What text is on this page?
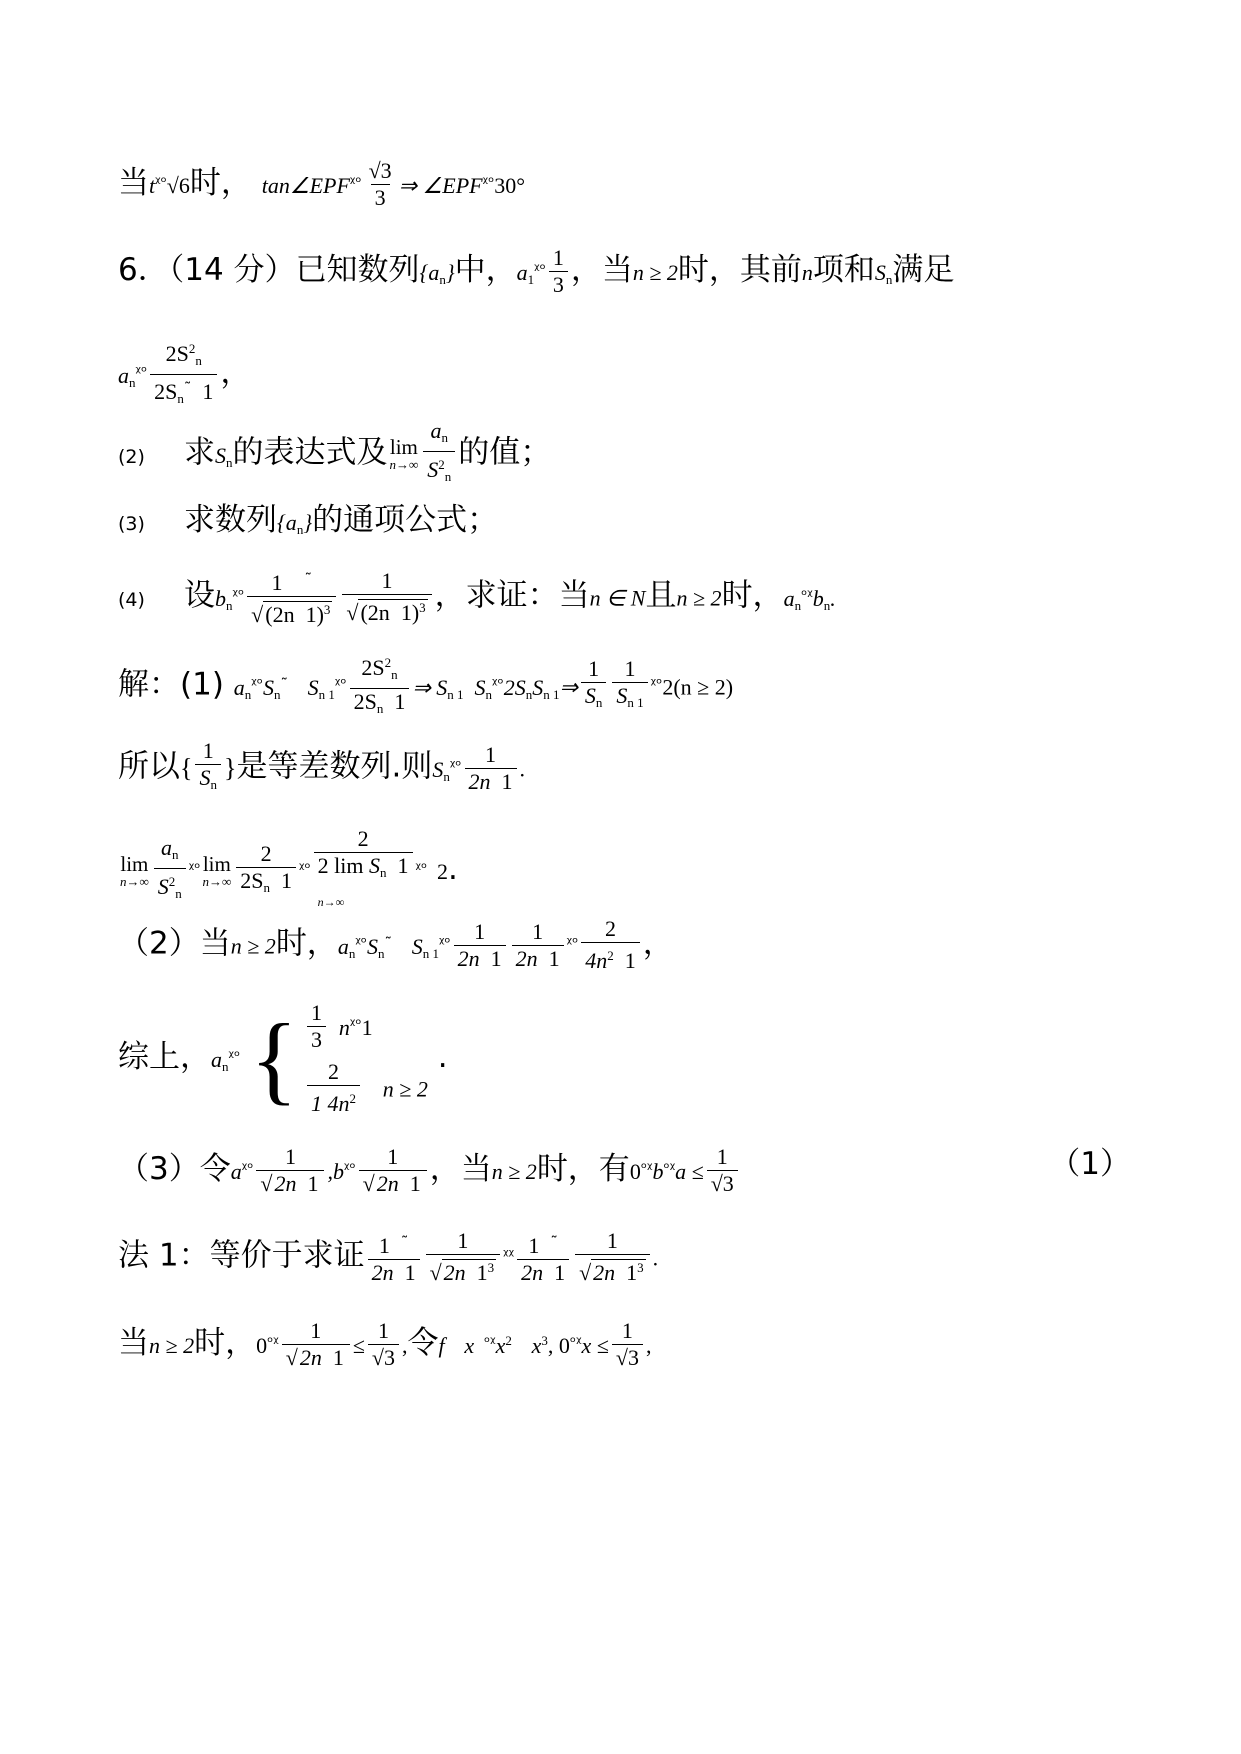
当tᵡᵒ√6时， tan∠EPFᵡᵒ $\frac{√3}{3}$ ⇒ ∠EPFᵡᵒ30°
6．（14 分）已知数列$\{a_n\}$中，$a_1ᵡᵒ \frac{1}{3}$ ，当n ≥ 2时，其前n项和$S_n$满足
$a_nᵡᵒ \frac{2S^2_n}{2S_n^˜ 1}$ ，
(2) 求$S_n$的表达式及 lim
$n\to\infty \frac{a_n}{S^2_n}$ 的值；
(3) 求数列$\{a_n\}$的通项公式；
(4) 设$b_nᵡᵒ \frac{1 ^˜}{√(2n 1)^3} \frac{1}{√(2n 1)^3}$ ，求证：当n ∈ N且n ≥ 2时，$a_n^{ᵒᵡ}b_n$.
解：(1) $a_nᵡᵒS_n^˜$ $S_{n 1}ᵡᵒ \frac{2S^2_n}{2S_n 1}$ ⇒ $S_{n 1}$ $S_nᵡᵒ2S_nS_{n 1}\Rightarrow \frac{1}{S_n} \frac{1}{S_{n 1}}$ ᵡᵒ2(n ≥ 2)
所以{ $\frac{1}{S_n}$ }是等差数列.则$S_nᵡᵒ \frac{1}{2n 1}$ .
lim
$n\to\infty \frac{a_n}{S^2_n}$ ᵡᵒ lim
$n\to\infty \frac{2}{2S_n 1}$ ᵡᵒ
2
2 $\lim S_n$ 1
n→∞
ᵡᵒ 2.
（2）当n ≥ 2时，$a_nᵡᵒS_n^˜$ $S_{n 1}ᵡᵒ \frac{1}{2n 1} \frac{1}{2n 1}$ ᵡᵒ $\frac{2}{4n^2 1}$ ，
综上，$a_nᵡᵒ$ { $\frac{1}{3}$ nᵡᵒ1
$\frac{2}{1 4n^2}$ n ≥ 2
.
（3）令aᵡᵒ $\frac{1}{√2n 1}$ ,bᵡᵒ $\frac{1}{√2n 1}$ ，当n ≥ 2时，有0ᵒᵡbᵒᵡa ≤ $\frac{1}{√3}$	（1）
法 1：等价于求证 $\frac{1 ^˜}{2n 1} \frac{1}{√2n 1^3}$ ᵡᵡ $\frac{1 ^˜}{2n 1} \frac{1}{√2n 1^3}$ .
当n ≥ 2时，0ᵒᵡ $\frac{1}{√2n 1} \le \frac{1}{√3}$ ,令f x ᵒᵡx$^2$ $x^3$, 0ᵒᵡx ≤ $\frac{1}{√3}$ ,
